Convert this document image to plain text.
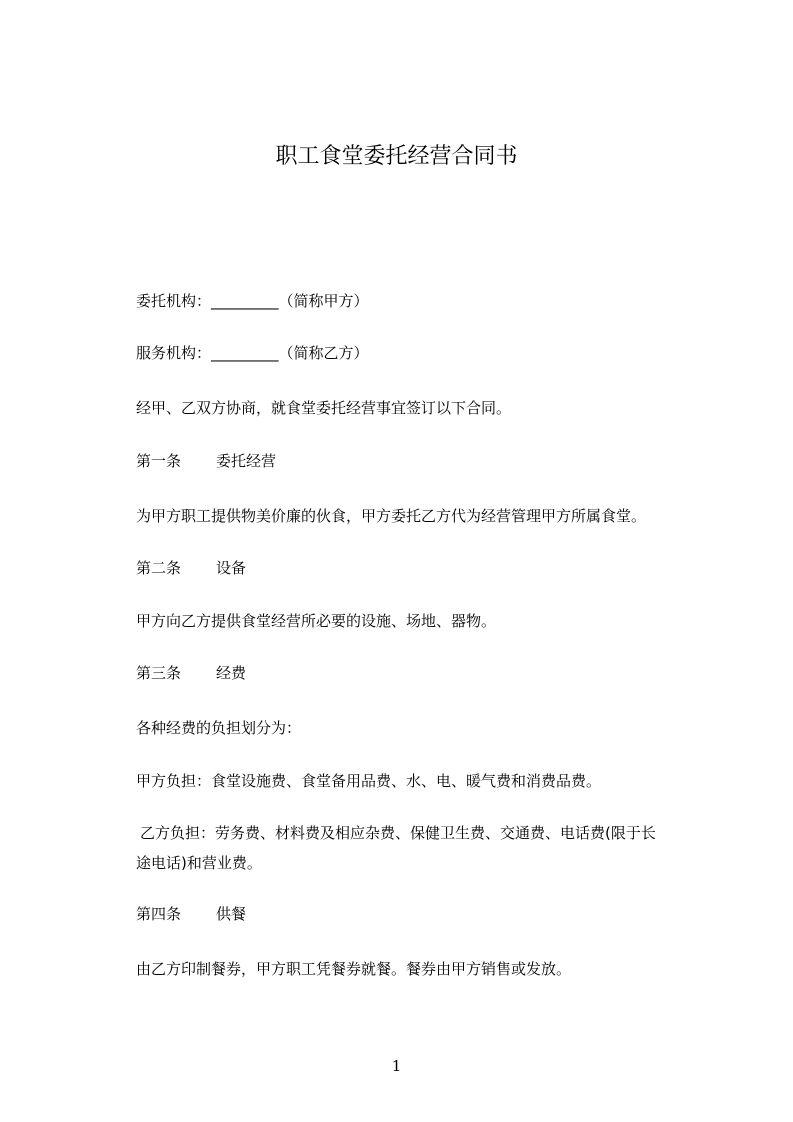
职工食堂委托经营合同书

委托机构：_________（简称甲方）

服务机构：_________（简称乙方）

经甲、乙双方协商，就食堂委托经营事宜签订以下合同。

第一条 委托经营

为甲方职工提供物美价廉的伙食，甲方委托乙方代为经营管理甲方所属食堂。

第二条 设备

甲方向乙方提供食堂经营所必要的设施、场地、器物。

第三条 经费

各种经费的负担划分为：

甲方负担：食堂设施费、食堂备用品费、水、电、暖气费和消费品费。

乙方负担：劳务费、材料费及相应杂费、保健卫生费、交通费、电话费(限于长
途电话)和营业费。

第四条 供餐

由乙方印制餐券，甲方职工凭餐券就餐。餐券由甲方销售或发放。

1
